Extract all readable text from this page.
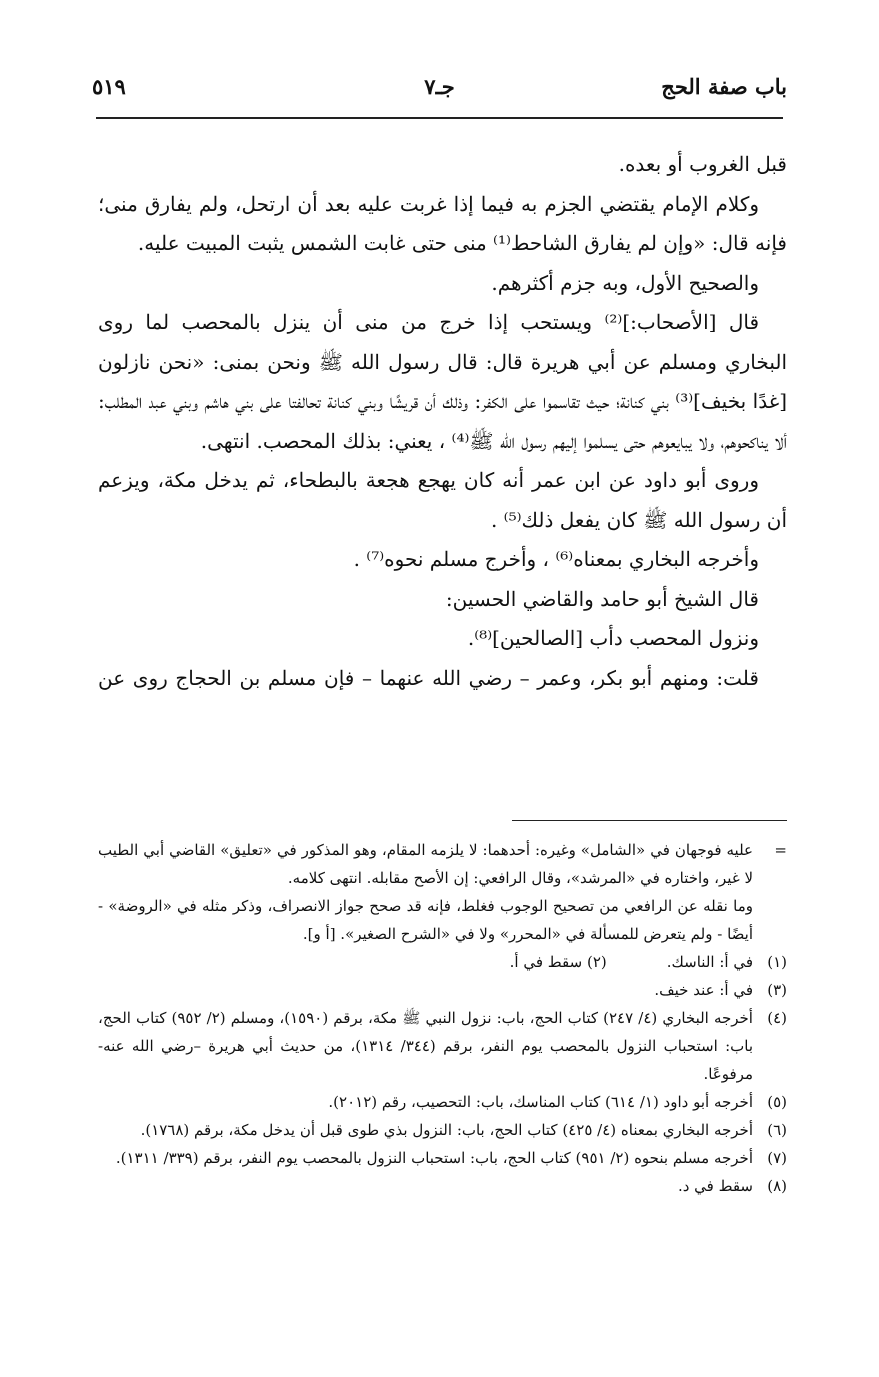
باب صفة الحج
جـ٧
٥١٩

قبل الغروب أو بعده.

وكلام الإمام يقتضي الجزم به فيما إذا غربت عليه بعد أن ارتحل، ولم يفارق منى؛ فإنه قال: «وإن لم يفارق الشاحط⁽¹⁾ منى حتى غابت الشمس يثبت المبيت عليه.

والصحيح الأول، وبه جزم أكثرهم.

قال [الأصحاب:]⁽²⁾ ويستحب إذا خرج من منى أن ينزل بالمحصب لما روى البخاري ومسلم عن أبي هريرة قال: قال رسول الله ﷺ ونحن بمنى: «نحن نازلون [غدًا بخيف]⁽³⁾ بني كنانة؛ حيث تقاسموا على الكفر: وذلك أن قريشًا وبني كنانة تحالفتا على بني هاشم وبني عبد المطلب: ألا يناكحوهم، ولا يبايعوهم حتى يسلموا إليهم رسول الله ﷺ⁽⁴⁾ ، يعني: بذلك المحصب. انتهى.

وروى أبو داود عن ابن عمر أنه كان يهجع هجعة بالبطحاء، ثم يدخل مكة، ويزعم أن رسول الله ﷺ كان يفعل ذلك⁽⁵⁾ .

وأخرجه البخاري بمعناه⁽⁶⁾ ، وأخرج مسلم نحوه⁽⁷⁾ .

قال الشيخ أبو حامد والقاضي الحسين:

ونزول المحصب دأب [الصالحين]⁽⁸⁾.

قلت: ومنهم أبو بكر، وعمر – رضي الله عنهما – فإن مسلم بن الحجاج روى عن

=
عليه فوجهان في «الشامل» وغيره: أحدهما: لا يلزمه المقام، وهو المذكور في «تعليق» القاضي أبي الطيب لا غير، واختاره في «المرشد»، وقال الرافعي: إن الأصح مقابله. انتهى كلامه.
وما نقله عن الرافعي من تصحيح الوجوب فغلط، فإنه قد صحح جواز الانصراف، وذكر مثله في «الروضة» - أيضًا - ولم يتعرض للمسألة في «المحرر» ولا في «الشرح الصغير». [أ و].
(١)
في أ: الناسك.(٢) سقط في أ.
(٣)
في أ: عند خيف.
(٤)
أخرجه البخاري (٤/ ٢٤٧) كتاب الحج، باب: نزول النبي ﷺ مكة، برقم (١٥٩٠)، ومسلم (٢/ ٩٥٢) كتاب الحج، باب: استحباب النزول بالمحصب يوم النفر، برقم (٣٤٤/ ١٣١٤)، من حديث أبي هريرة –رضي الله عنه- مرفوعًا.
(٥)
أخرجه أبو داود (١/ ٦١٤) كتاب المناسك، باب: التحصيب، رقم (٢٠١٢).
(٦)
أخرجه البخاري بمعناه (٤/ ٤٢٥) كتاب الحج، باب: النزول بذي طوى قبل أن يدخل مكة، برقم (١٧٦٨).
(٧)
أخرجه مسلم بنحوه (٢/ ٩٥١) كتاب الحج، باب: استحباب النزول بالمحصب يوم النفر، برقم (٣٣٩/ ١٣١١).
(٨)
سقط في د.
